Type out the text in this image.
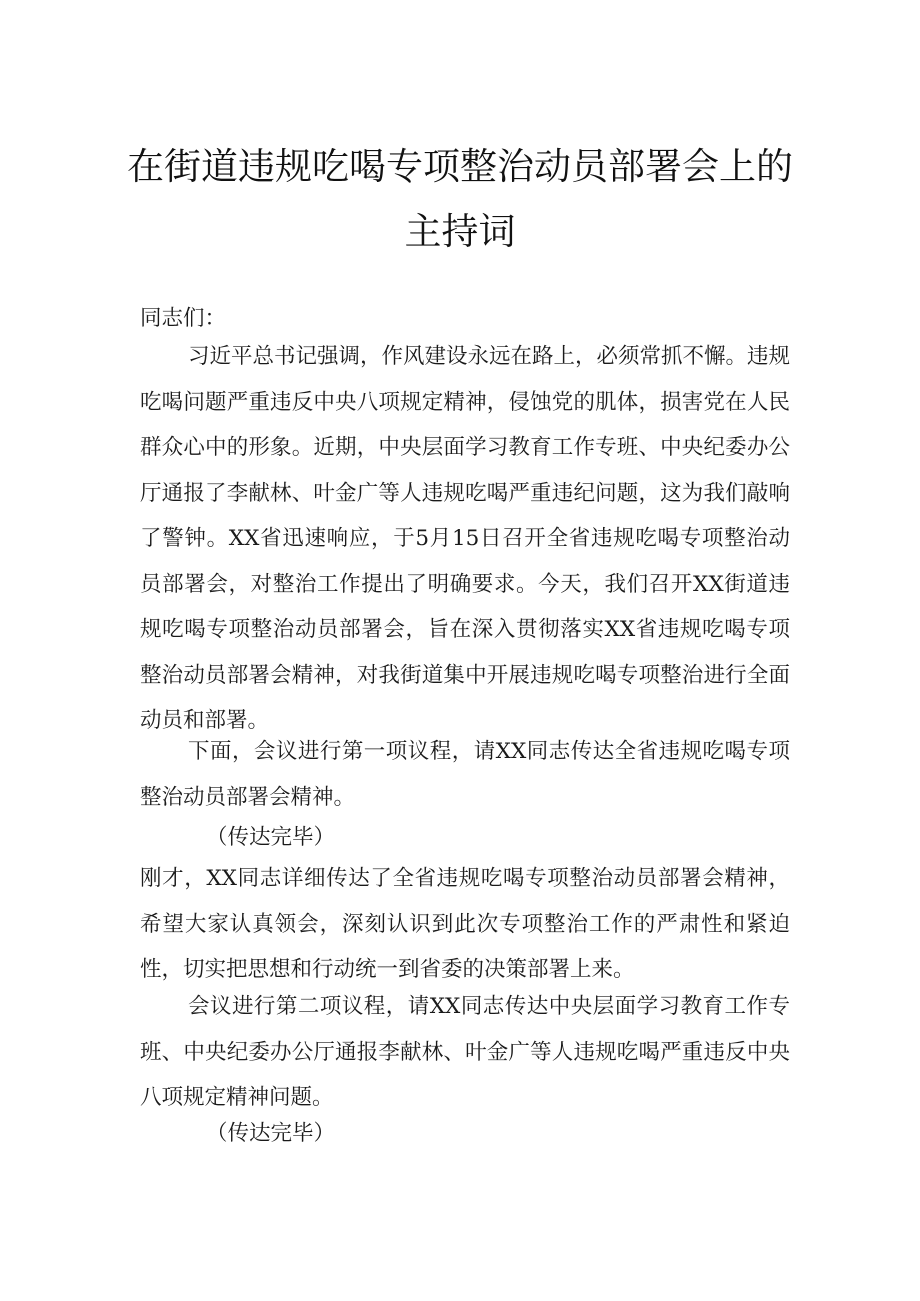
在街道违规吃喝专项整治动员部署会上的
主持词
同志们：
习近平总书记强调，作风建设永远在路上，必须常抓不懈。违规吃喝问题严重违反中央八项规定精神，侵蚀党的肌体，损害党在人民群众心中的形象。近期，中央层面学习教育工作专班、中央纪委办公厅通报了李献林、叶金广等人违规吃喝严重违纪问题，这为我们敲响了警钟。XX省迅速响应，于5月15日召开全省违规吃喝专项整治动员部署会，对整治工作提出了明确要求。今天，我们召开XX街道违规吃喝专项整治动员部署会，旨在深入贯彻落实XX省违规吃喝专项整治动员部署会精神，对我街道集中开展违规吃喝专项整治进行全面动员和部署。
下面，会议进行第一项议程，请XX同志传达全省违规吃喝专项整治动员部署会精神。
（传达完毕）
刚才，XX同志详细传达了全省违规吃喝专项整治动员部署会精神，希望大家认真领会，深刻认识到此次专项整治工作的严肃性和紧迫性，切实把思想和行动统一到省委的决策部署上来。
会议进行第二项议程，请XX同志传达中央层面学习教育工作专班、中央纪委办公厅通报李献林、叶金广等人违规吃喝严重违反中央八项规定精神问题。
（传达完毕）
